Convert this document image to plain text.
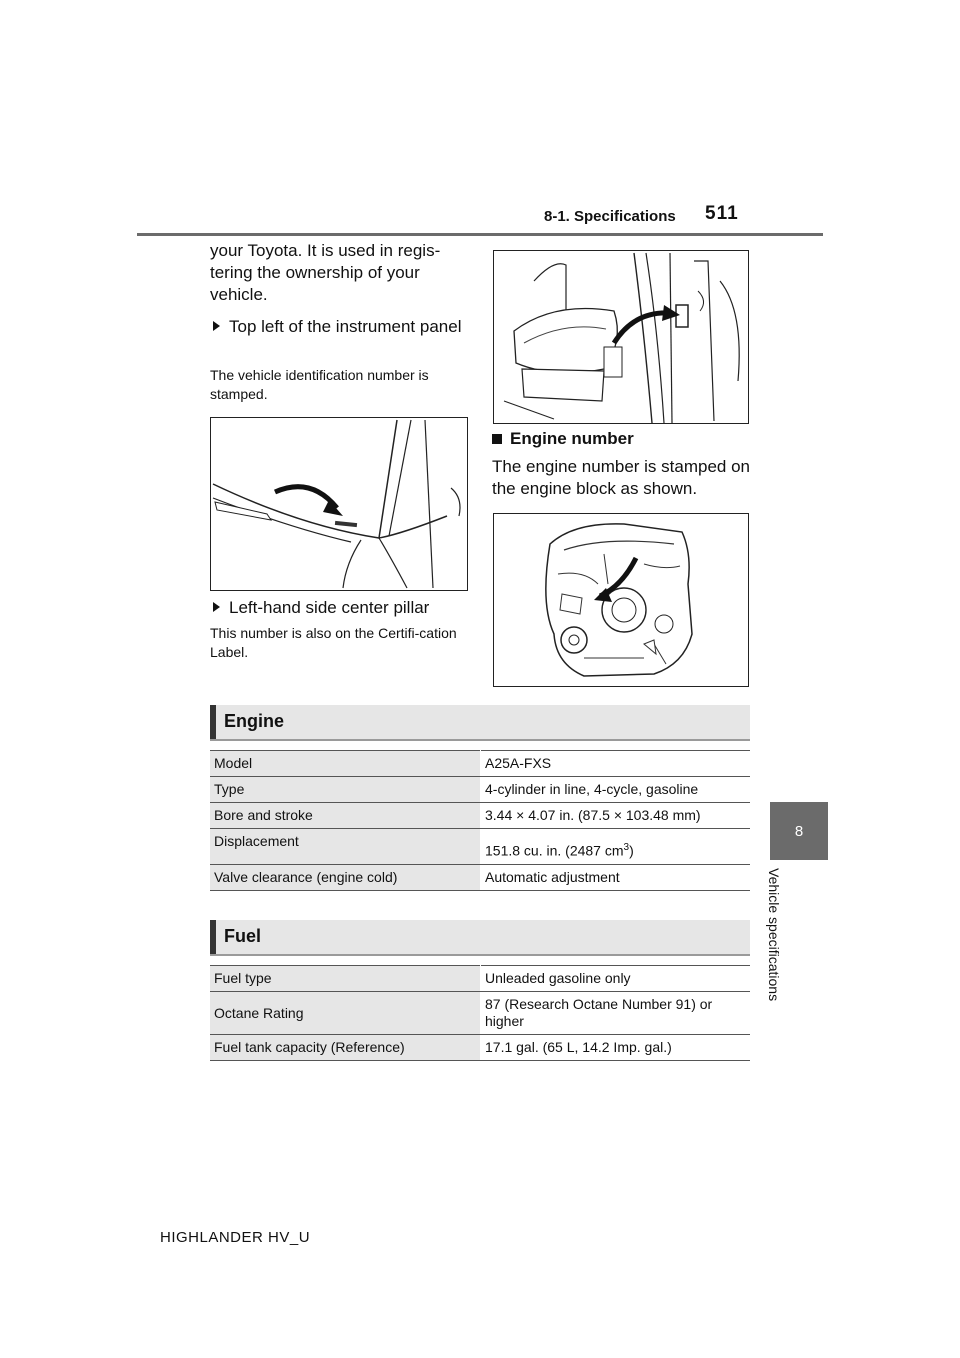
8-1. Specifications 511
8
Vehicle specifications
your Toyota. It is used in regis-tering the ownership of your vehicle.
Top left of the instrument panel
The vehicle identification number is stamped.
Left-hand side center pillar
This number is also on the Certifi-cation Label.
Engine number
The engine number is stamped on the engine block as shown.
Engine
Model	A25A-FXS
Type	4-cylinder in line, 4-cycle, gasoline
Bore and stroke	3.44 × 4.07 in. (87.5 × 103.48 mm)
Displacement	151.8 cu. in. (2487 $cm^3$)
Valve clearance (engine cold)	Automatic adjustment
Fuel
Fuel type	Unleaded gasoline only
Octane Rating	87 (Research Octane Number 91) or higher
Fuel tank capacity (Reference)	17.1 gal. (65 L, 14.2 Imp. gal.)
HIGHLANDER HV_U
